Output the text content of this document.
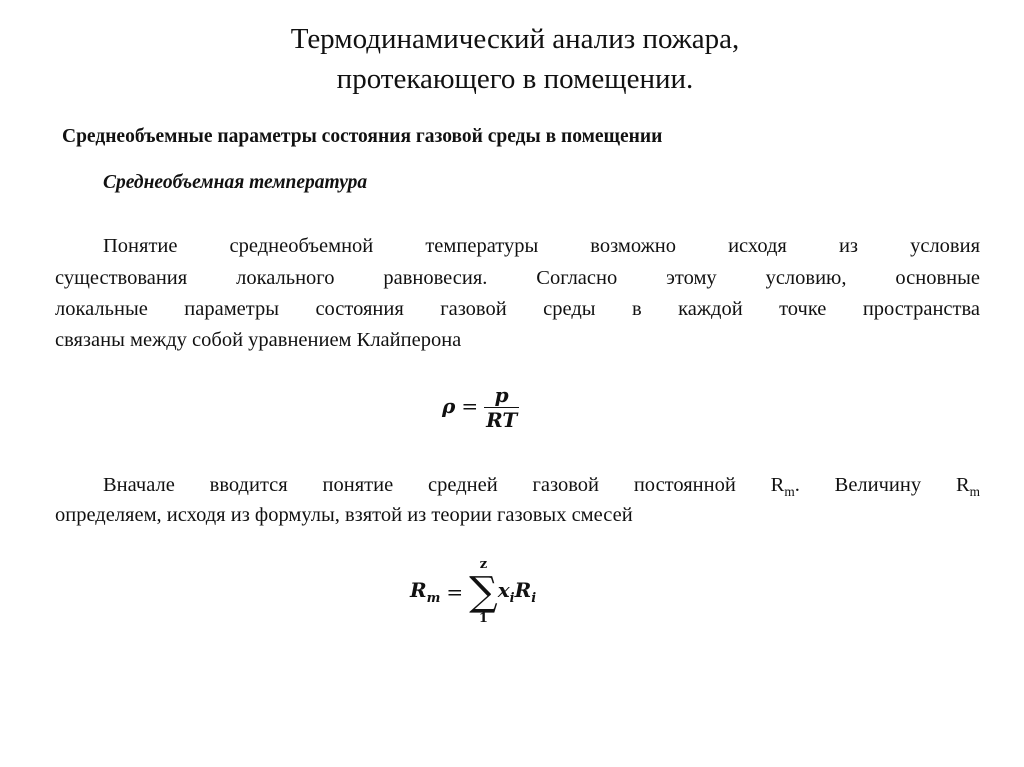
Термодинамический анализ пожара,
протекающего в помещении.
Среднеобъемные параметры состояния газовой среды в помещении
Среднеобъемная температура
Понятие среднеобъемной температуры возможно исходя из условия
существования локального равновесия. Согласно этому условию, основные
локальные параметры состояния газовой среды в каждой точке пространства
связаны между собой уравнением Клайперона
$\rho = \frac{p}{RT}$
Вначале вводится понятие средней газовой постоянной $R_m$. Величину $R_m$
определяем, исходя из формулы, взятой из теории газовых смесей
$R_m$ =
z
∑
1
$x_iR_i$
